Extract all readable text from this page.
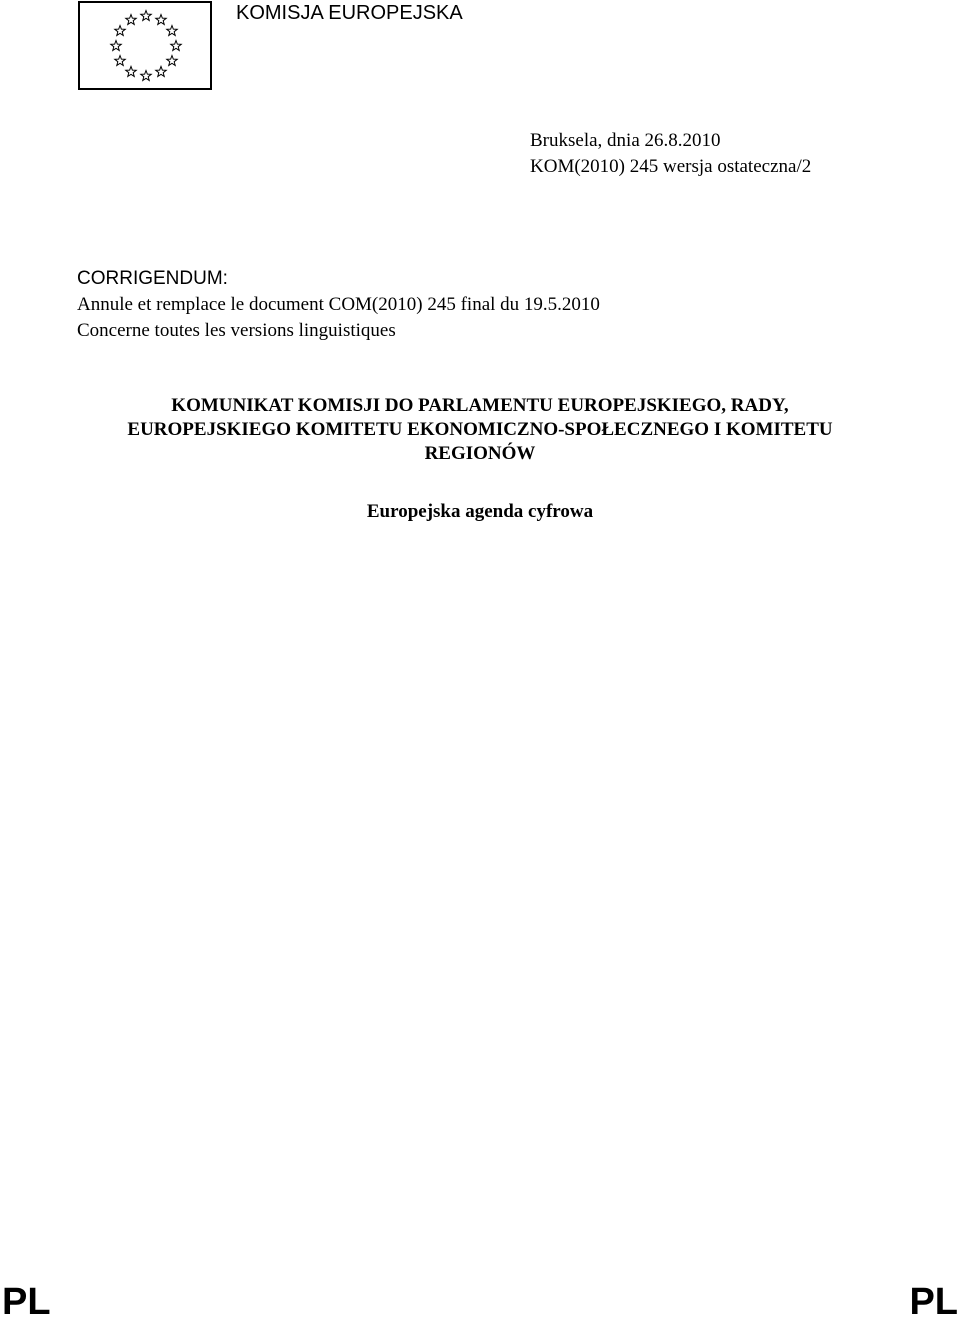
KOMISJA EUROPEJSKA
Bruksela, dnia 26.8.2010
KOM(2010) 245 wersja ostateczna/2
CORRIGENDUM:
Annule et remplace le document COM(2010) 245 final du 19.5.2010
Concerne toutes les versions linguistiques
KOMUNIKAT KOMISJI DO PARLAMENTU EUROPEJSKIEGO, RADY,
EUROPEJSKIEGO KOMITETU EKONOMICZNO-SPOŁECZNEGO I KOMITETU
REGIONÓW
Europejska agenda cyfrowa
PL	PL
